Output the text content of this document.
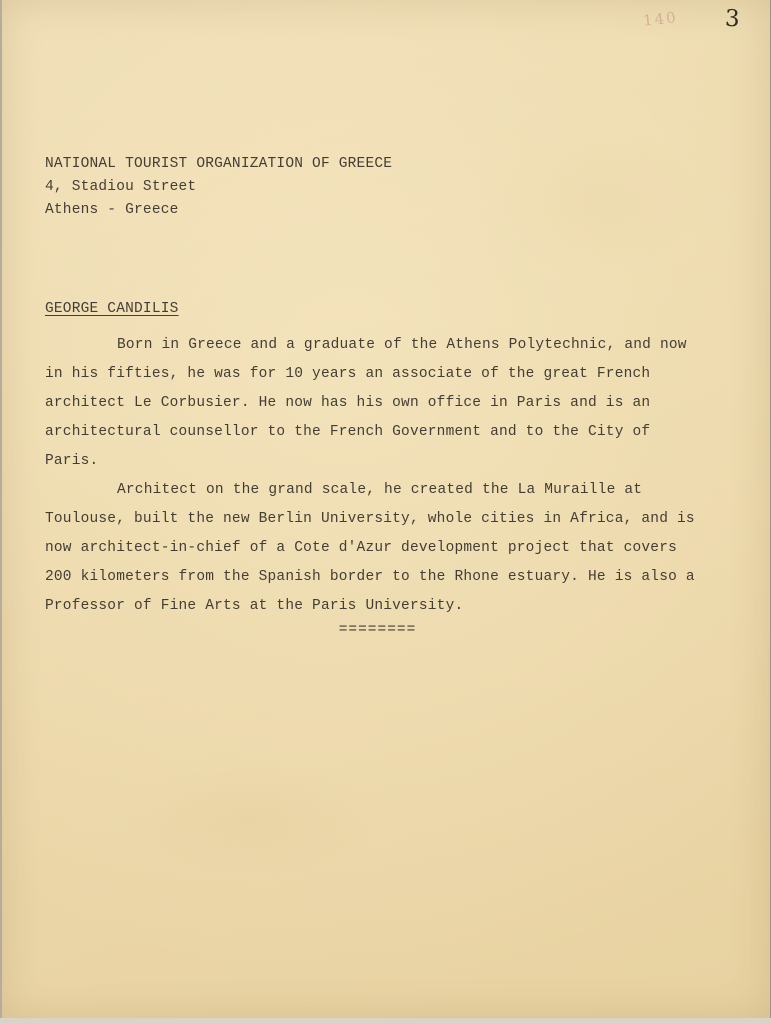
3
140
NATIONAL TOURIST ORGANIZATION OF GREECE
4, Stadiou Street
Athens - Greece
GEORGE CANDILIS

Born in Greece and a graduate of the Athens Polytechnic, and now in his fifties, he was for 10 years an associate of the great French architect Le Corbusier. He now has his own office in Paris and is an architectural counsellor to the French Government and to the City of Paris.

Architect on the grand scale, he created the La Muraille at Toulouse, built the new Berlin University, whole cities in Africa, and is now architect-in-chief of a Cote d'Azur development project that covers 200 kilometers from the Spanish border to the Rhone estuary. He is also a Professor of Fine Arts at the Paris University.

========
